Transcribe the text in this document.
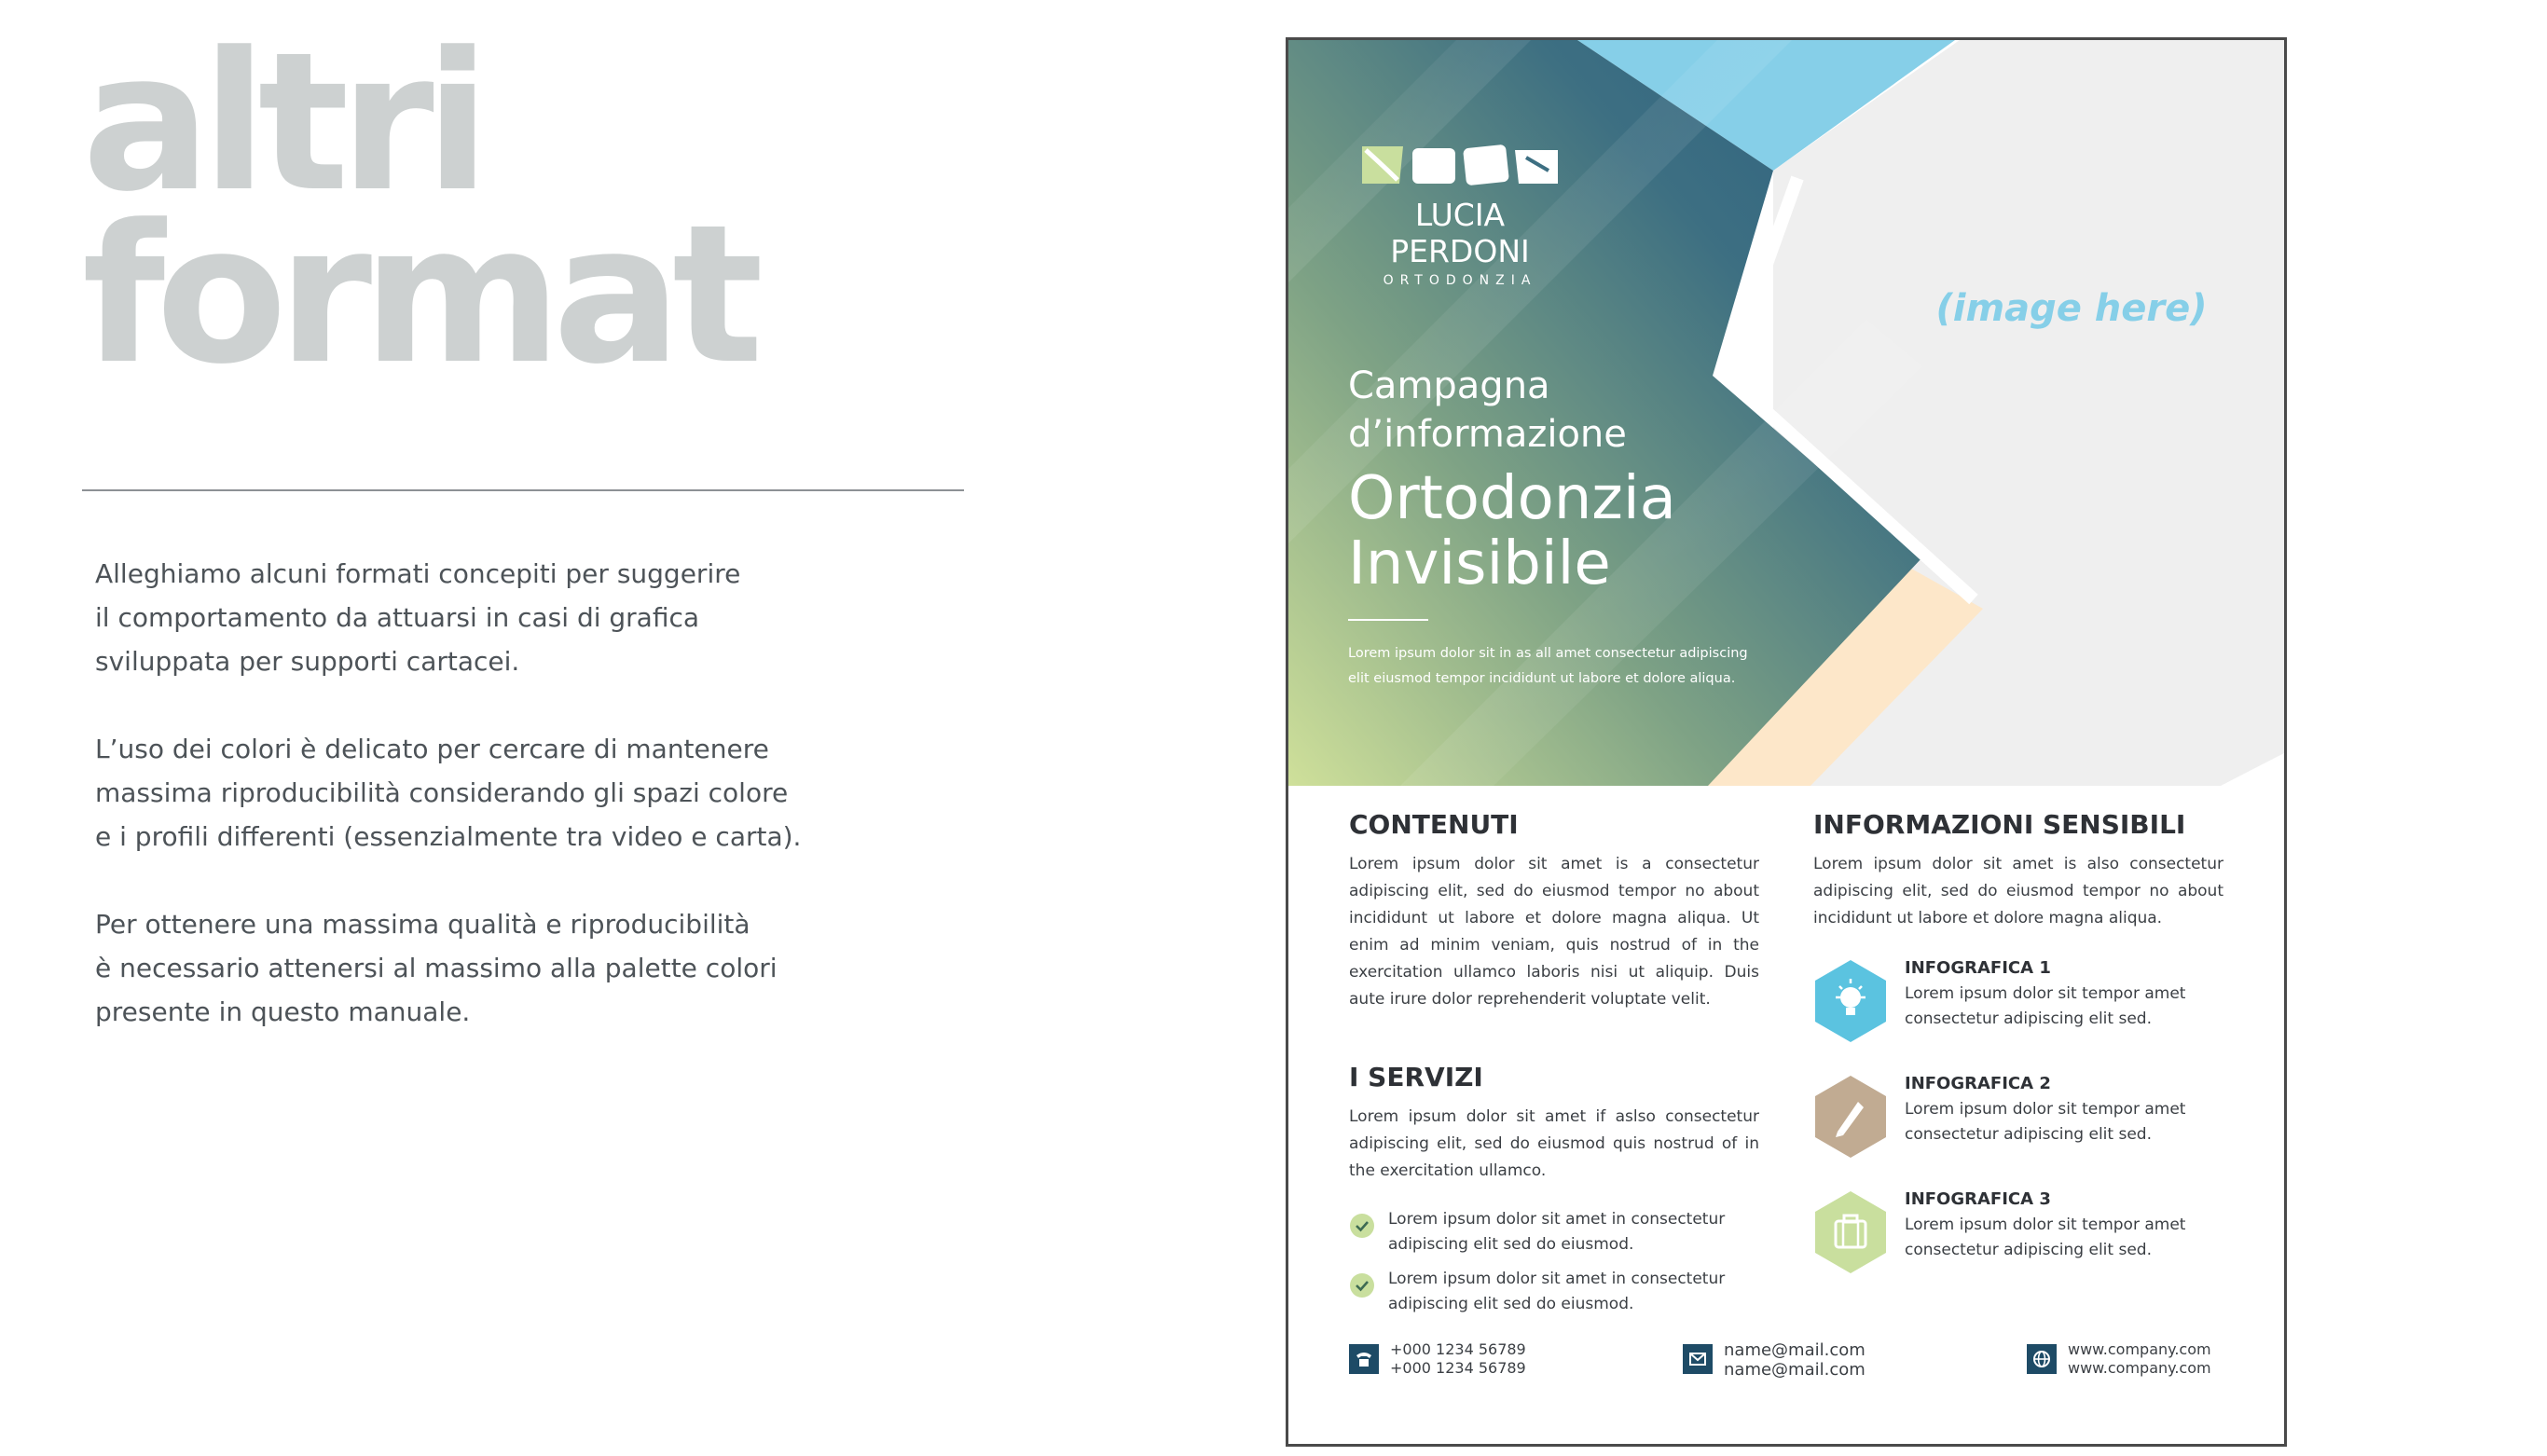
altri
format

Alleghiamo alcuni formati concepiti per suggerire
il comportamento da attuarsi in casi di grafica
sviluppata per supporti cartacei.

L’uso dei colori è delicato per cercare di mantenere
massima riproducibilità considerando gli spazi colore
e i profili differenti (essenzialmente tra video e carta).

Per ottenere una massima qualità e riproducibilità
è necessario attenersi al massimo alla palette colori
presente in questo manuale.

LUCIA PERDONI
ORTODONZIA
(image here)
Campagna
d’informazione
Ortodonzia
Invisibile
Lorem ipsum dolor sit in as all amet consectetur adipiscing elit eiusmod tempor incididunt ut labore et dolore aliqua.
CONTENUTI
Lorem ipsum dolor sit amet is a consectetur adipiscing elit, sed do eiusmod tempor no about incididunt ut labore et dolore magna aliqua. Ut enim ad minim veniam, quis nostrud of in the exercitation ullamco laboris nisi ut aliquip. Duis aute irure dolor reprehenderit voluptate velit.
I SERVIZI
Lorem ipsum dolor sit amet if aslso consectetur adipiscing elit, sed do eiusmod quis nostrud of in the exercitation ullamco.
Lorem ipsum dolor sit amet in consectetur adipiscing elit sed do eiusmod.
Lorem ipsum dolor sit amet in consectetur adipiscing elit sed do eiusmod.
INFORMAZIONI SENSIBILI
Lorem ipsum dolor sit amet is also consectetur adipiscing elit, sed do eiusmod tempor no about incididunt ut labore et dolore magna aliqua.
INFOGRAFICA 1
Lorem ipsum dolor sit tempor amet consectetur adipiscing elit sed.
INFOGRAFICA 2
Lorem ipsum dolor sit tempor amet consectetur adipiscing elit sed.
INFOGRAFICA 3
Lorem ipsum dolor sit tempor amet consectetur adipiscing elit sed.
+000 1234 56789
+000 1234 56789
name@mail.com
name@mail.com
www.company.com
www.company.com
